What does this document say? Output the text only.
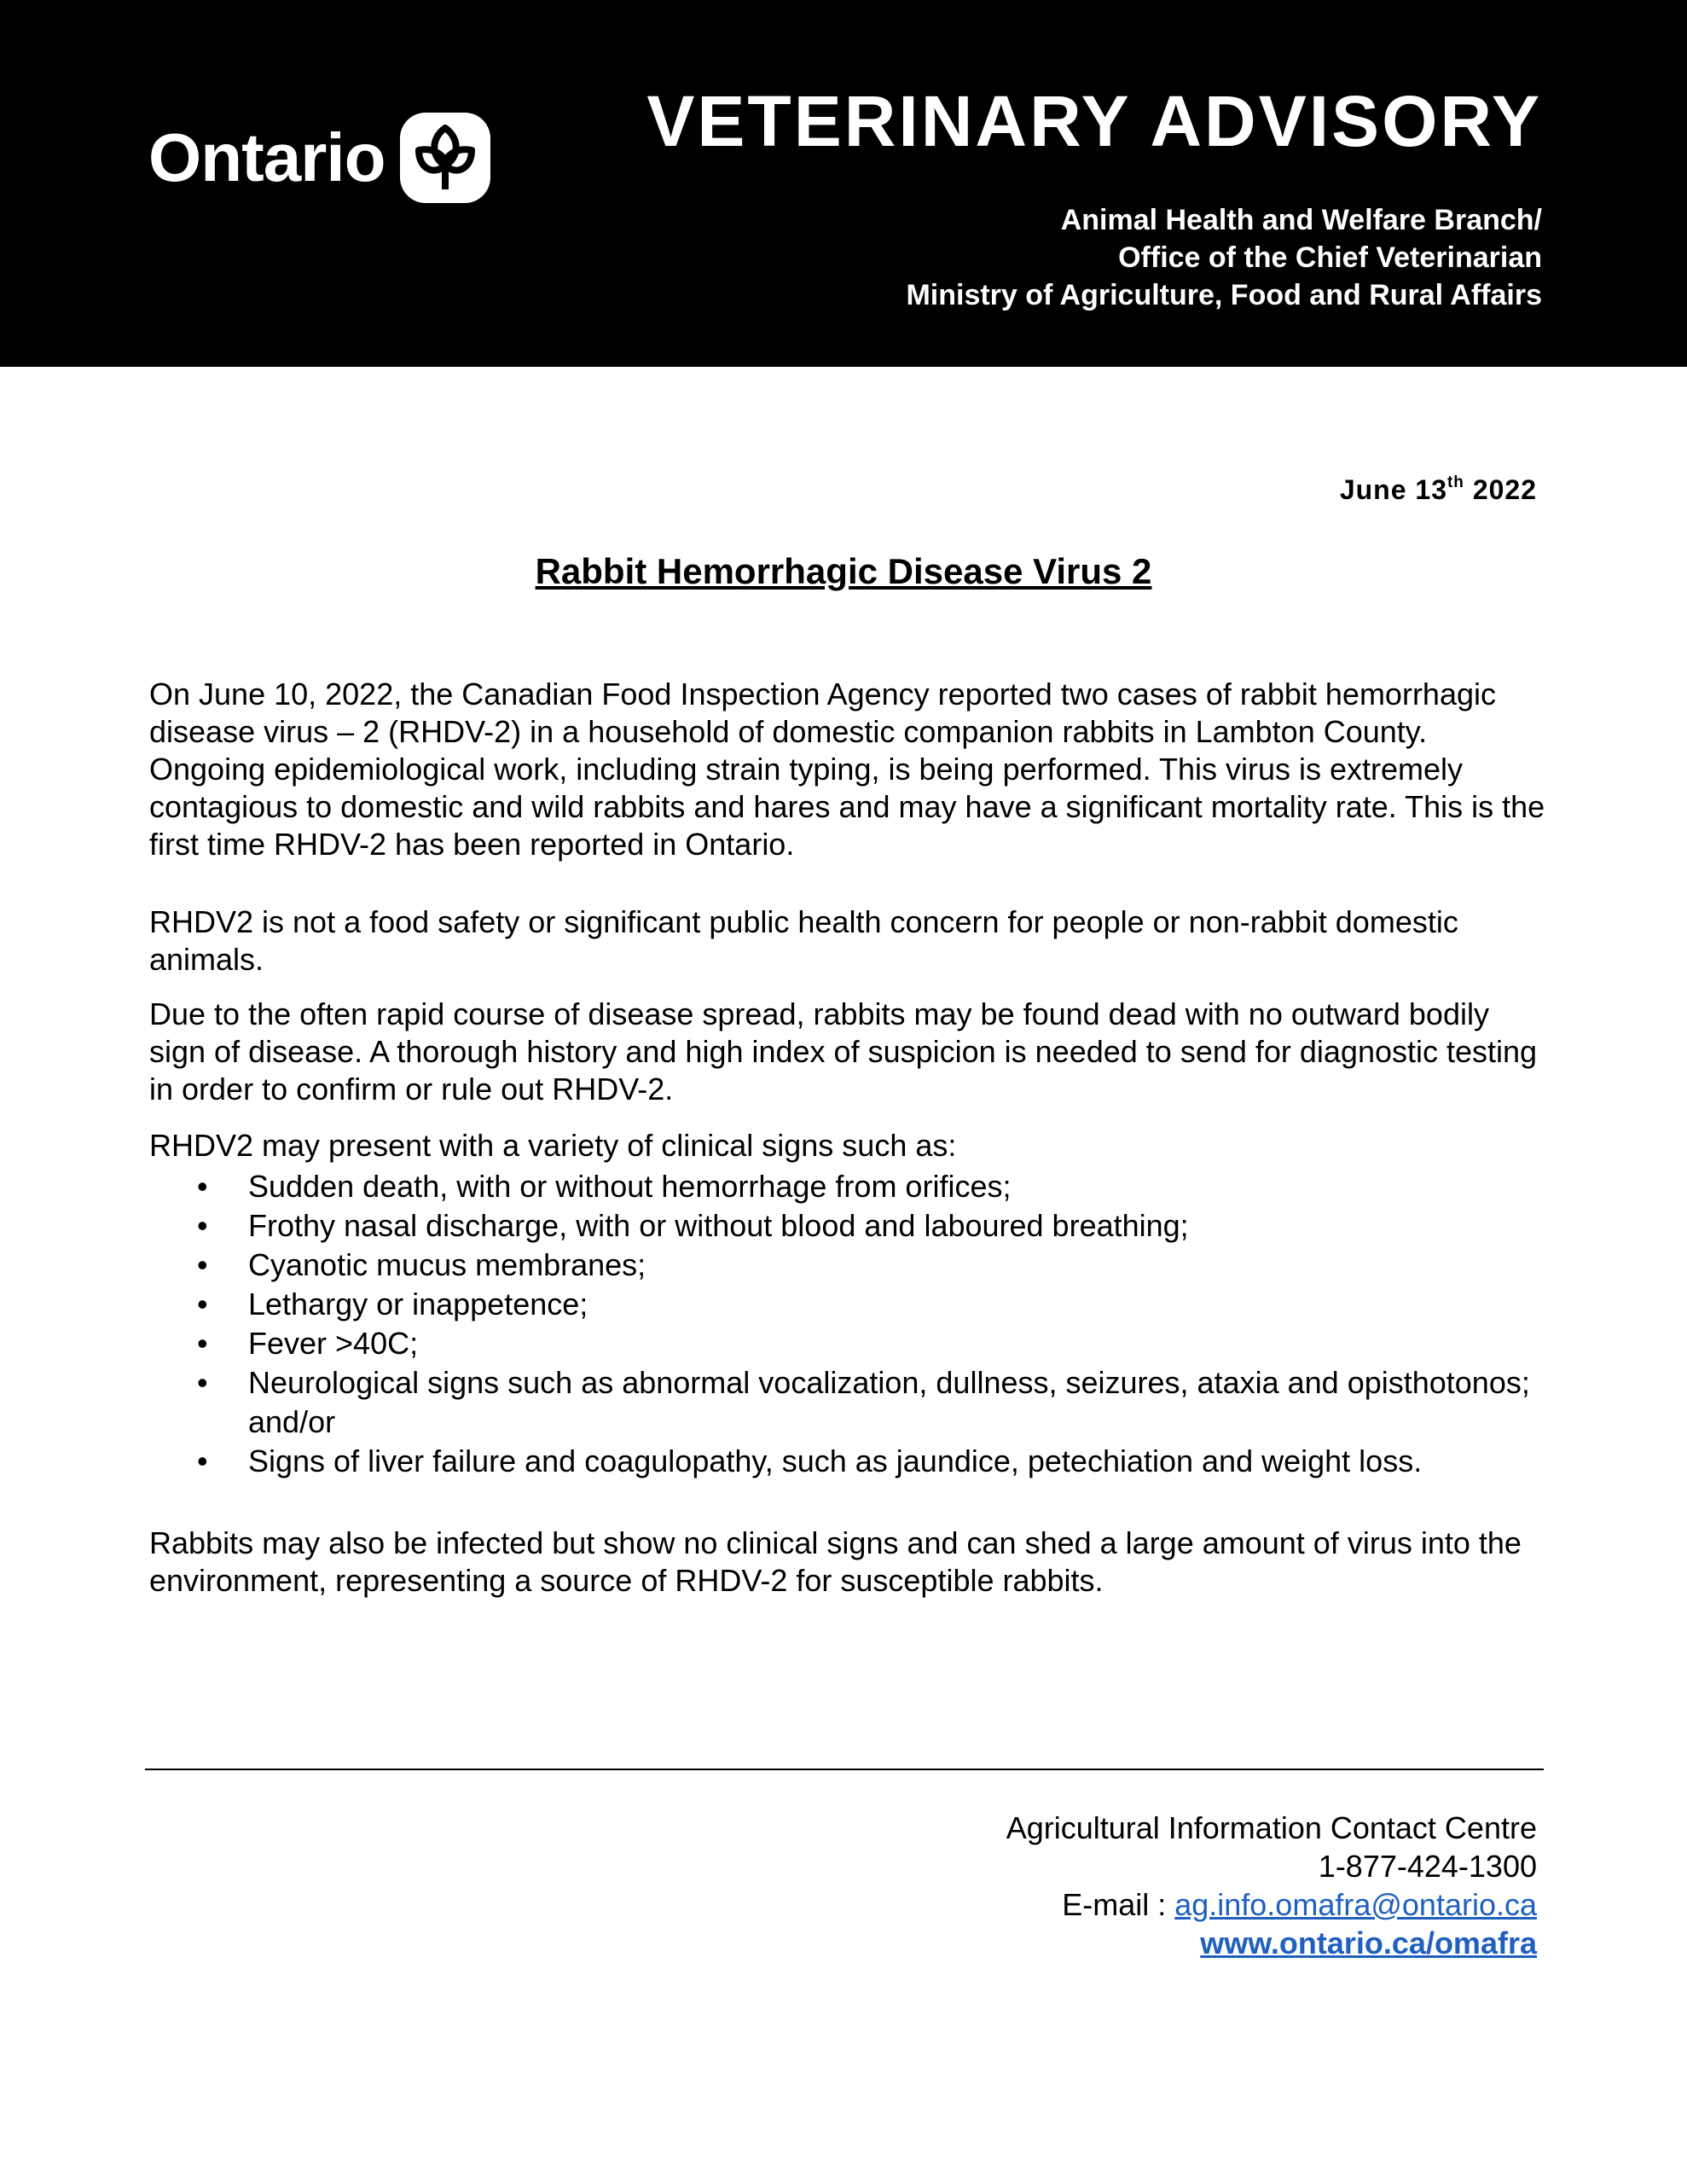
Ontario	VETERINARY ADVISORY
Animal Health and Welfare Branch/
Office of the Chief Veterinarian
Ministry of Agriculture, Food and Rural Affairs
June 13th 2022
Rabbit Hemorrhagic Disease Virus 2

On June 10, 2022, the Canadian Food Inspection Agency reported two cases of rabbit hemorrhagic disease virus – 2 (RHDV-2) in a household of domestic companion rabbits in Lambton County. Ongoing epidemiological work, including strain typing, is being performed. This virus is extremely contagious to domestic and wild rabbits and hares and may have a significant mortality rate. This is the first time RHDV-2 has been reported in Ontario.

RHDV2 is not a food safety or significant public health concern for people or non-rabbit domestic animals.

Due to the often rapid course of disease spread, rabbits may be found dead with no outward bodily sign of disease. A thorough history and high index of suspicion is needed to send for diagnostic testing in order to confirm or rule out RHDV-2.

RHDV2 may present with a variety of clinical signs such as:

• Sudden death, with or without hemorrhage from orifices;
• Frothy nasal discharge, with or without blood and laboured breathing;
• Cyanotic mucus membranes;
• Lethargy or inappetence;
• Fever >40C;
• Neurological signs such as abnormal vocalization, dullness, seizures, ataxia and opisthotonos; and/or
• Signs of liver failure and coagulopathy, such as jaundice, petechiation and weight loss.

Rabbits may also be infected but show no clinical signs and can shed a large amount of virus into the environment, representing a source of RHDV-2 for susceptible rabbits.

Agricultural Information Contact Centre
1-877-424-1300
E-mail : ag.info.omafra@ontario.ca
www.ontario.ca/omafra
